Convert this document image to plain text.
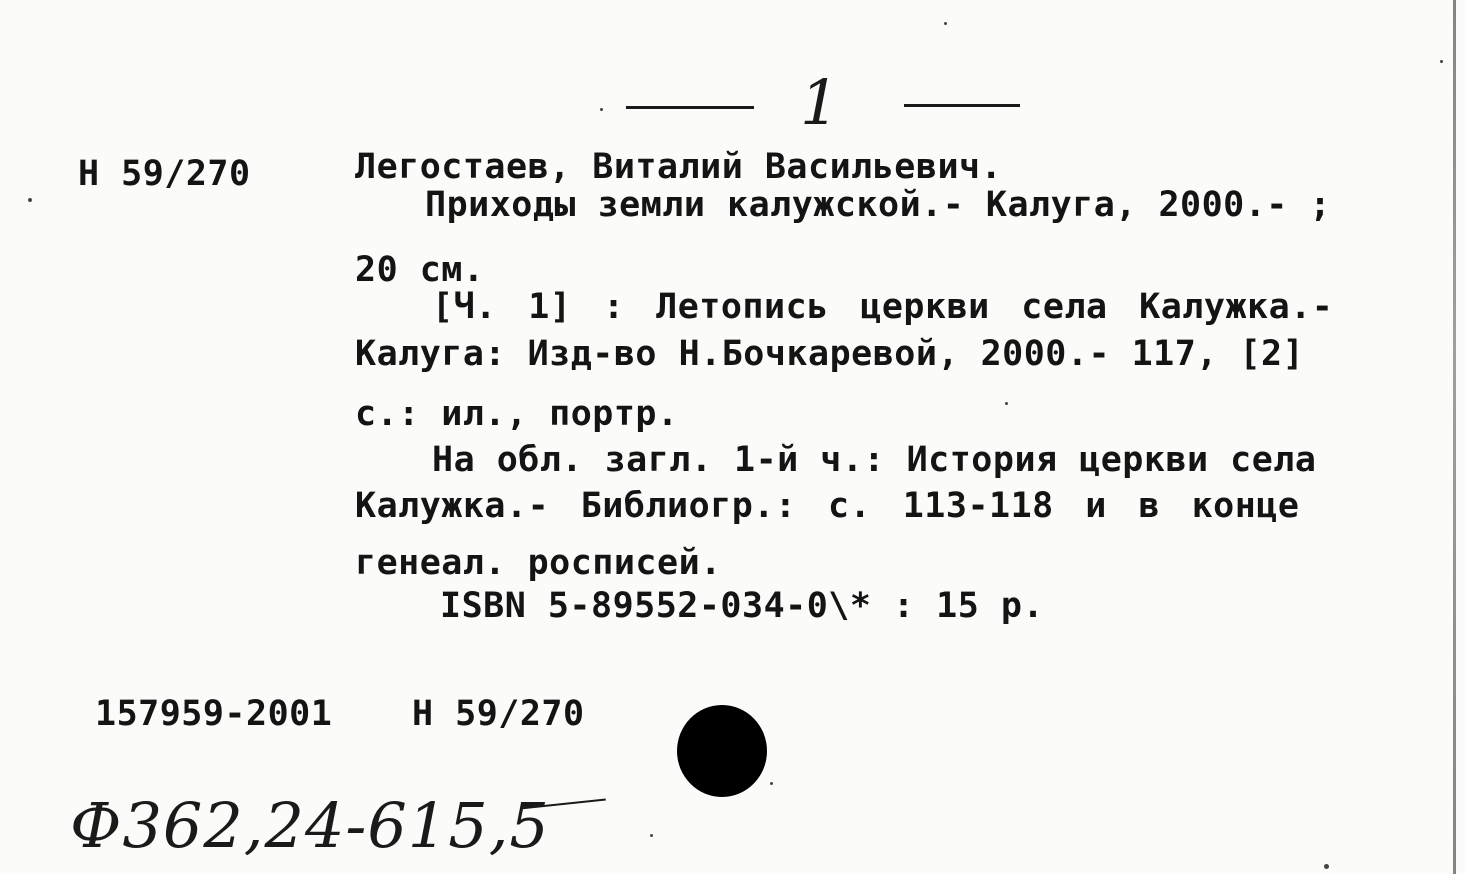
1
Н 59/270	Легостаев, Виталий Васильевич.
Приходы земли калужской.- Калуга, 2000.- ;
20 см.
[Ч. 1] : Летопись церкви села Калужка.-
Калуга: Изд-во Н.Бочкаревой, 2000.- 117, [2]
с.: ил., портр.
На обл. загл. 1-й ч.: История церкви села
Калужка.- Библиогр.: с. 113-118 и в конце
генеал. росписей.
ISBN 5-89552-034-0\* : 15 р.
157959-2001 Н 59/270
Ф362,24-615,5
